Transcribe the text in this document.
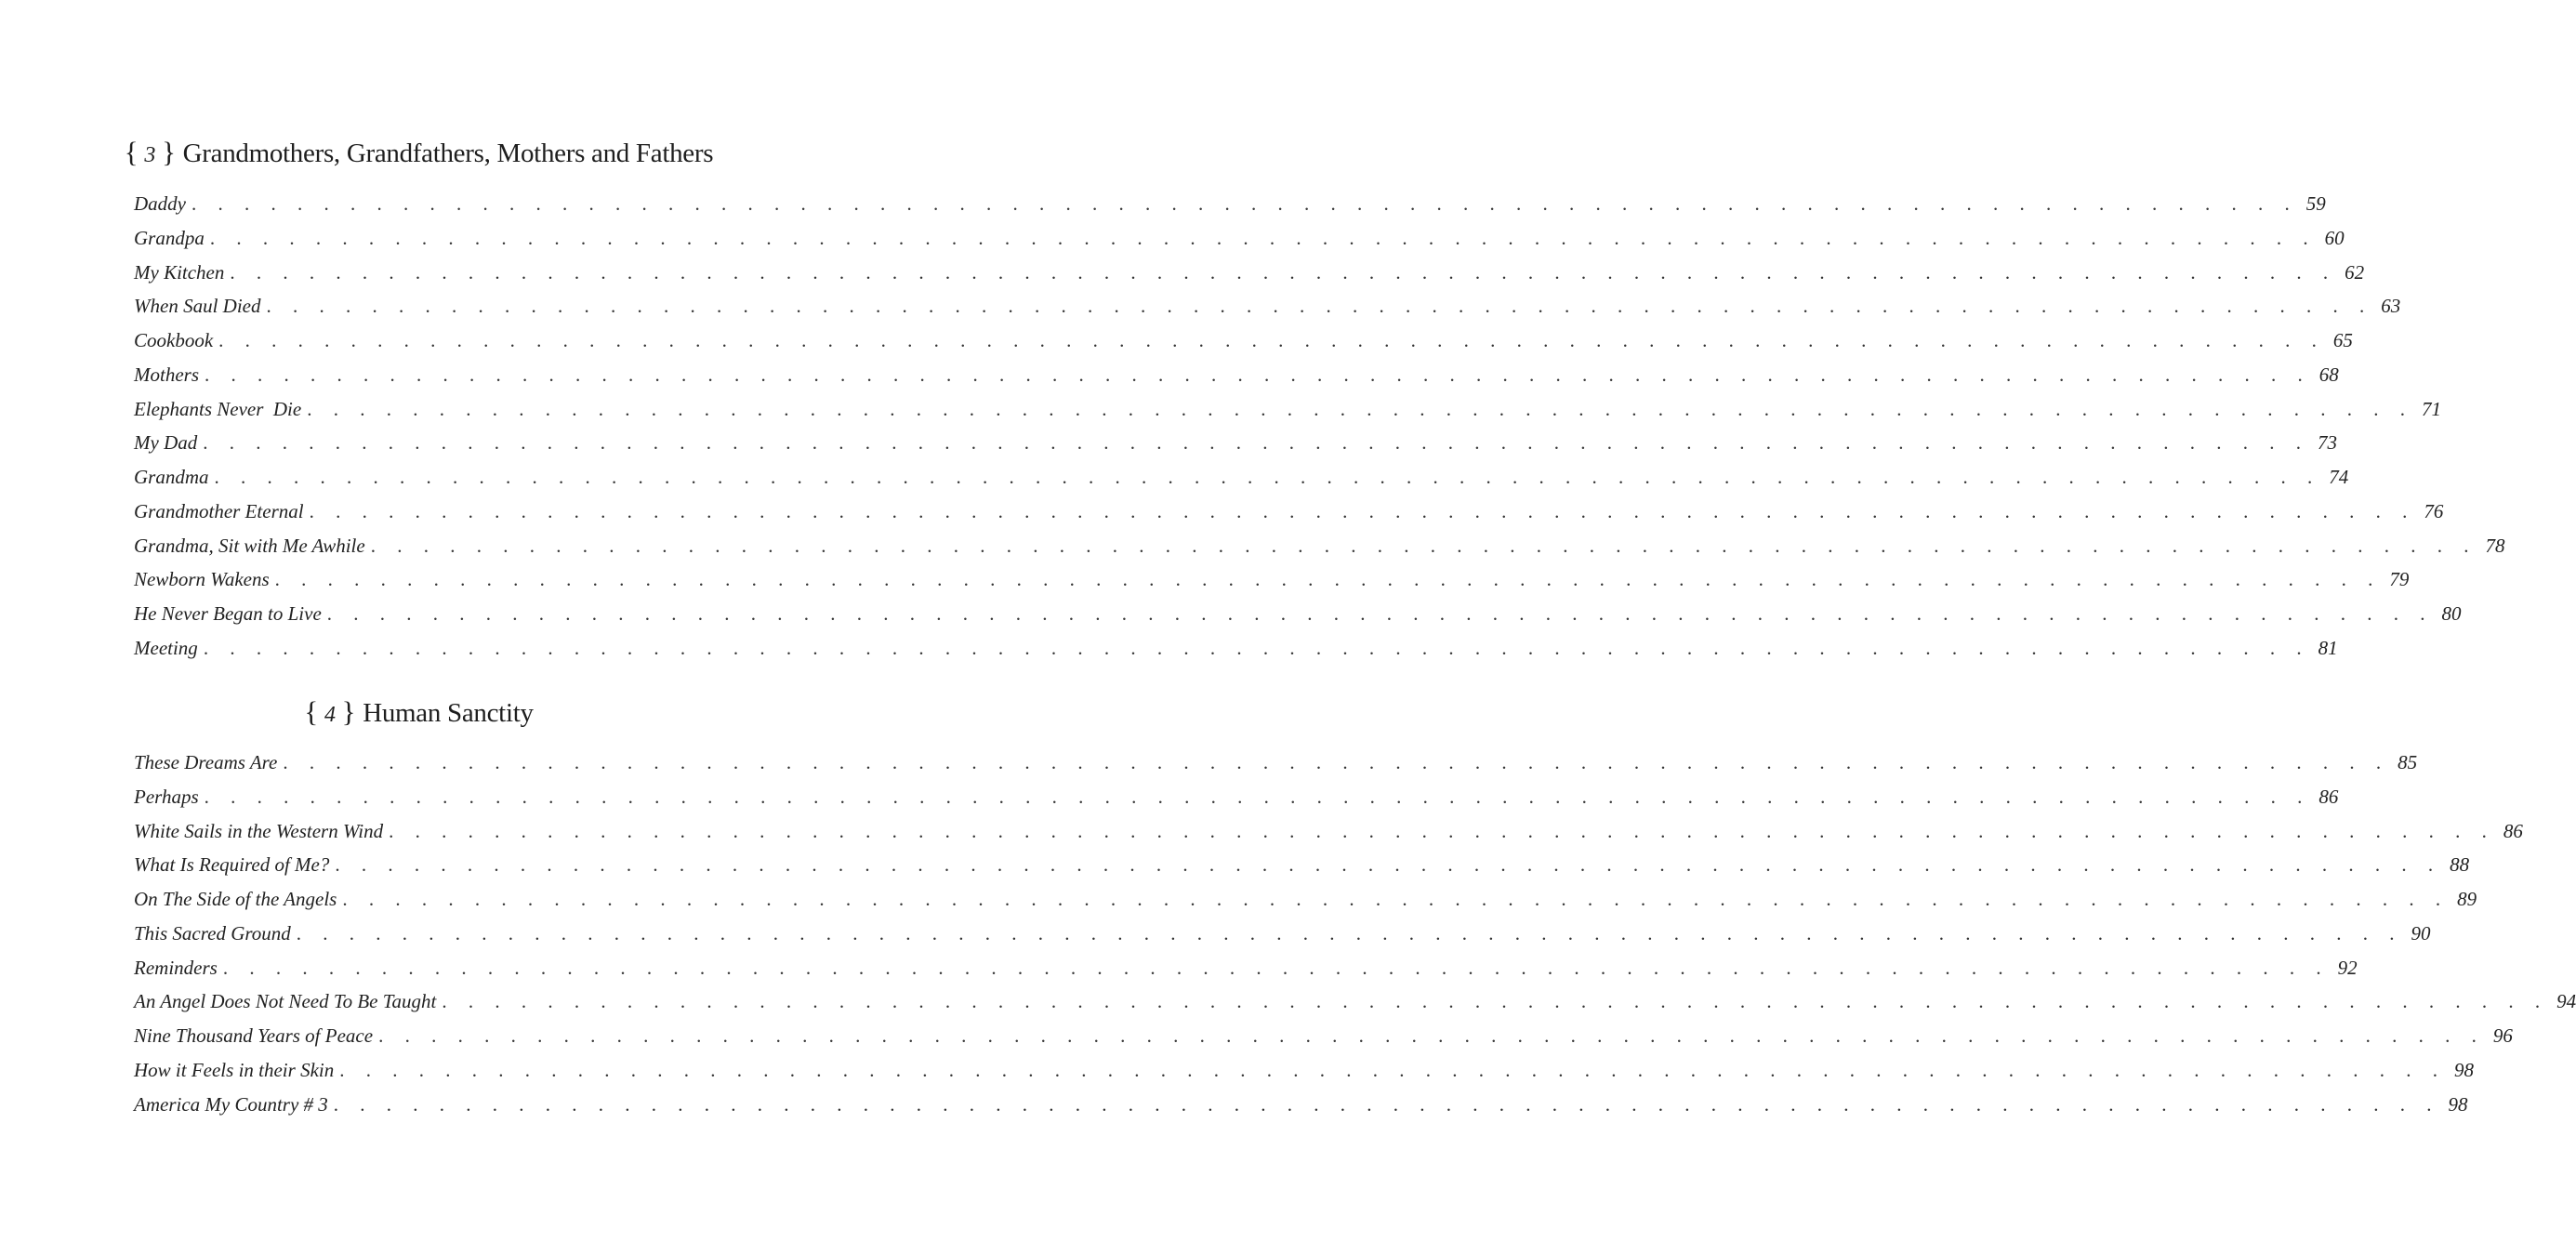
{ 3 } Grandmothers, Grandfathers, Mothers and Fathers
Daddy . . . . . . . . . . . . . . . . . . . . . . . . . . . . . . . . . . . . . . . . . . . . . . . . . . . . . . . . . . . . . . . . . . . . . . . . . . . . . . . . 59
Grandpa . . . . . . . . . . . . . . . . . . . . . . . . . . . . . . . . . . . . . . . . . . . . . . . . . . . . . . . . . . . . . . . . . . . . . . . . . . . . . . . . 60
My Kitchen . . . . . . . . . . . . . . . . . . . . . . . . . . . . . . . . . . . . . . . . . . . . . . . . . . . . . . . . . . . . . . . . . . . . . . . . . . . . . . . . 62
When Saul Died . . . . . . . . . . . . . . . . . . . . . . . . . . . . . . . . . . . . . . . . . . . . . . . . . . . . . . . . . . . . . . . . . . . . . . . . . . . . . . . . 63
Cookbook . . . . . . . . . . . . . . . . . . . . . . . . . . . . . . . . . . . . . . . . . . . . . . . . . . . . . . . . . . . . . . . . . . . . . . . . . . . . . . . . 65
Mothers . . . . . . . . . . . . . . . . . . . . . . . . . . . . . . . . . . . . . . . . . . . . . . . . . . . . . . . . . . . . . . . . . . . . . . . . . . . . . . . . 68
Elephants Never  Die . . . . . . . . . . . . . . . . . . . . . . . . . . . . . . . . . . . . . . . . . . . . . . . . . . . . . . . . . . . . . . . . . . . . . . . . . . . . . . . . 71
My Dad . . . . . . . . . . . . . . . . . . . . . . . . . . . . . . . . . . . . . . . . . . . . . . . . . . . . . . . . . . . . . . . . . . . . . . . . . . . . . . . . 73
Grandma . . . . . . . . . . . . . . . . . . . . . . . . . . . . . . . . . . . . . . . . . . . . . . . . . . . . . . . . . . . . . . . . . . . . . . . . . . . . . . . . 74
Grandmother Eternal . . . . . . . . . . . . . . . . . . . . . . . . . . . . . . . . . . . . . . . . . . . . . . . . . . . . . . . . . . . . . . . . . . . . . . . . . . . . . . . . 76
Grandma, Sit with Me Awhile . . . . . . . . . . . . . . . . . . . . . . . . . . . . . . . . . . . . . . . . . . . . . . . . . . . . . . . . . . . . . . . . . . . . . . . . . . . . . . . . 78
Newborn Wakens . . . . . . . . . . . . . . . . . . . . . . . . . . . . . . . . . . . . . . . . . . . . . . . . . . . . . . . . . . . . . . . . . . . . . . . . . . . . . . . . 79
He Never Began to Live . . . . . . . . . . . . . . . . . . . . . . . . . . . . . . . . . . . . . . . . . . . . . . . . . . . . . . . . . . . . . . . . . . . . . . . . . . . . . . . . 80
Meeting . . . . . . . . . . . . . . . . . . . . . . . . . . . . . . . . . . . . . . . . . . . . . . . . . . . . . . . . . . . . . . . . . . . . . . . . . . . . . . . . 81
{ 4 } Human Sanctity
These Dreams Are . . . . . . . . . . . . . . . . . . . . . . . . . . . . . . . . . . . . . . . . . . . . . . . . . . . . . . . . . . . . . . . . . . . . . . . . . . . . . . . . 85
Perhaps . . . . . . . . . . . . . . . . . . . . . . . . . . . . . . . . . . . . . . . . . . . . . . . . . . . . . . . . . . . . . . . . . . . . . . . . . . . . . . . . 86
White Sails in the Western Wind . . . . . . . . . . . . . . . . . . . . . . . . . . . . . . . . . . . . . . . . . . . . . . . . . . . . . . . . . . . . . . . . . . . . . . . . . . . . . . . . 86
What Is Required of Me? . . . . . . . . . . . . . . . . . . . . . . . . . . . . . . . . . . . . . . . . . . . . . . . . . . . . . . . . . . . . . . . . . . . . . . . . . . . . . . . . 88
On The Side of the Angels . . . . . . . . . . . . . . . . . . . . . . . . . . . . . . . . . . . . . . . . . . . . . . . . . . . . . . . . . . . . . . . . . . . . . . . . . . . . . . . . 89
This Sacred Ground . . . . . . . . . . . . . . . . . . . . . . . . . . . . . . . . . . . . . . . . . . . . . . . . . . . . . . . . . . . . . . . . . . . . . . . . . . . . . . . . 90
Reminders . . . . . . . . . . . . . . . . . . . . . . . . . . . . . . . . . . . . . . . . . . . . . . . . . . . . . . . . . . . . . . . . . . . . . . . . . . . . . . . . 92
An Angel Does Not Need To Be Taught . . . . . . . . . . . . . . . . . . . . . . . . . . . . . . . . . . . . . . . . . . . . . . . . . . . . . . . . . . . . . . . . . . . . . . . . . . . . . . . . 94
Nine Thousand Years of Peace . . . . . . . . . . . . . . . . . . . . . . . . . . . . . . . . . . . . . . . . . . . . . . . . . . . . . . . . . . . . . . . . . . . . . . . . . . . . . . . . 96
How it Feels in their Skin . . . . . . . . . . . . . . . . . . . . . . . . . . . . . . . . . . . . . . . . . . . . . . . . . . . . . . . . . . . . . . . . . . . . . . . . . . . . . . . . 98
America My Country # 3 . . . . . . . . . . . . . . . . . . . . . . . . . . . . . . . . . . . . . . . . . . . . . . . . . . . . . . . . . . . . . . . . . . . . . . . . . . . . . . . . 98
